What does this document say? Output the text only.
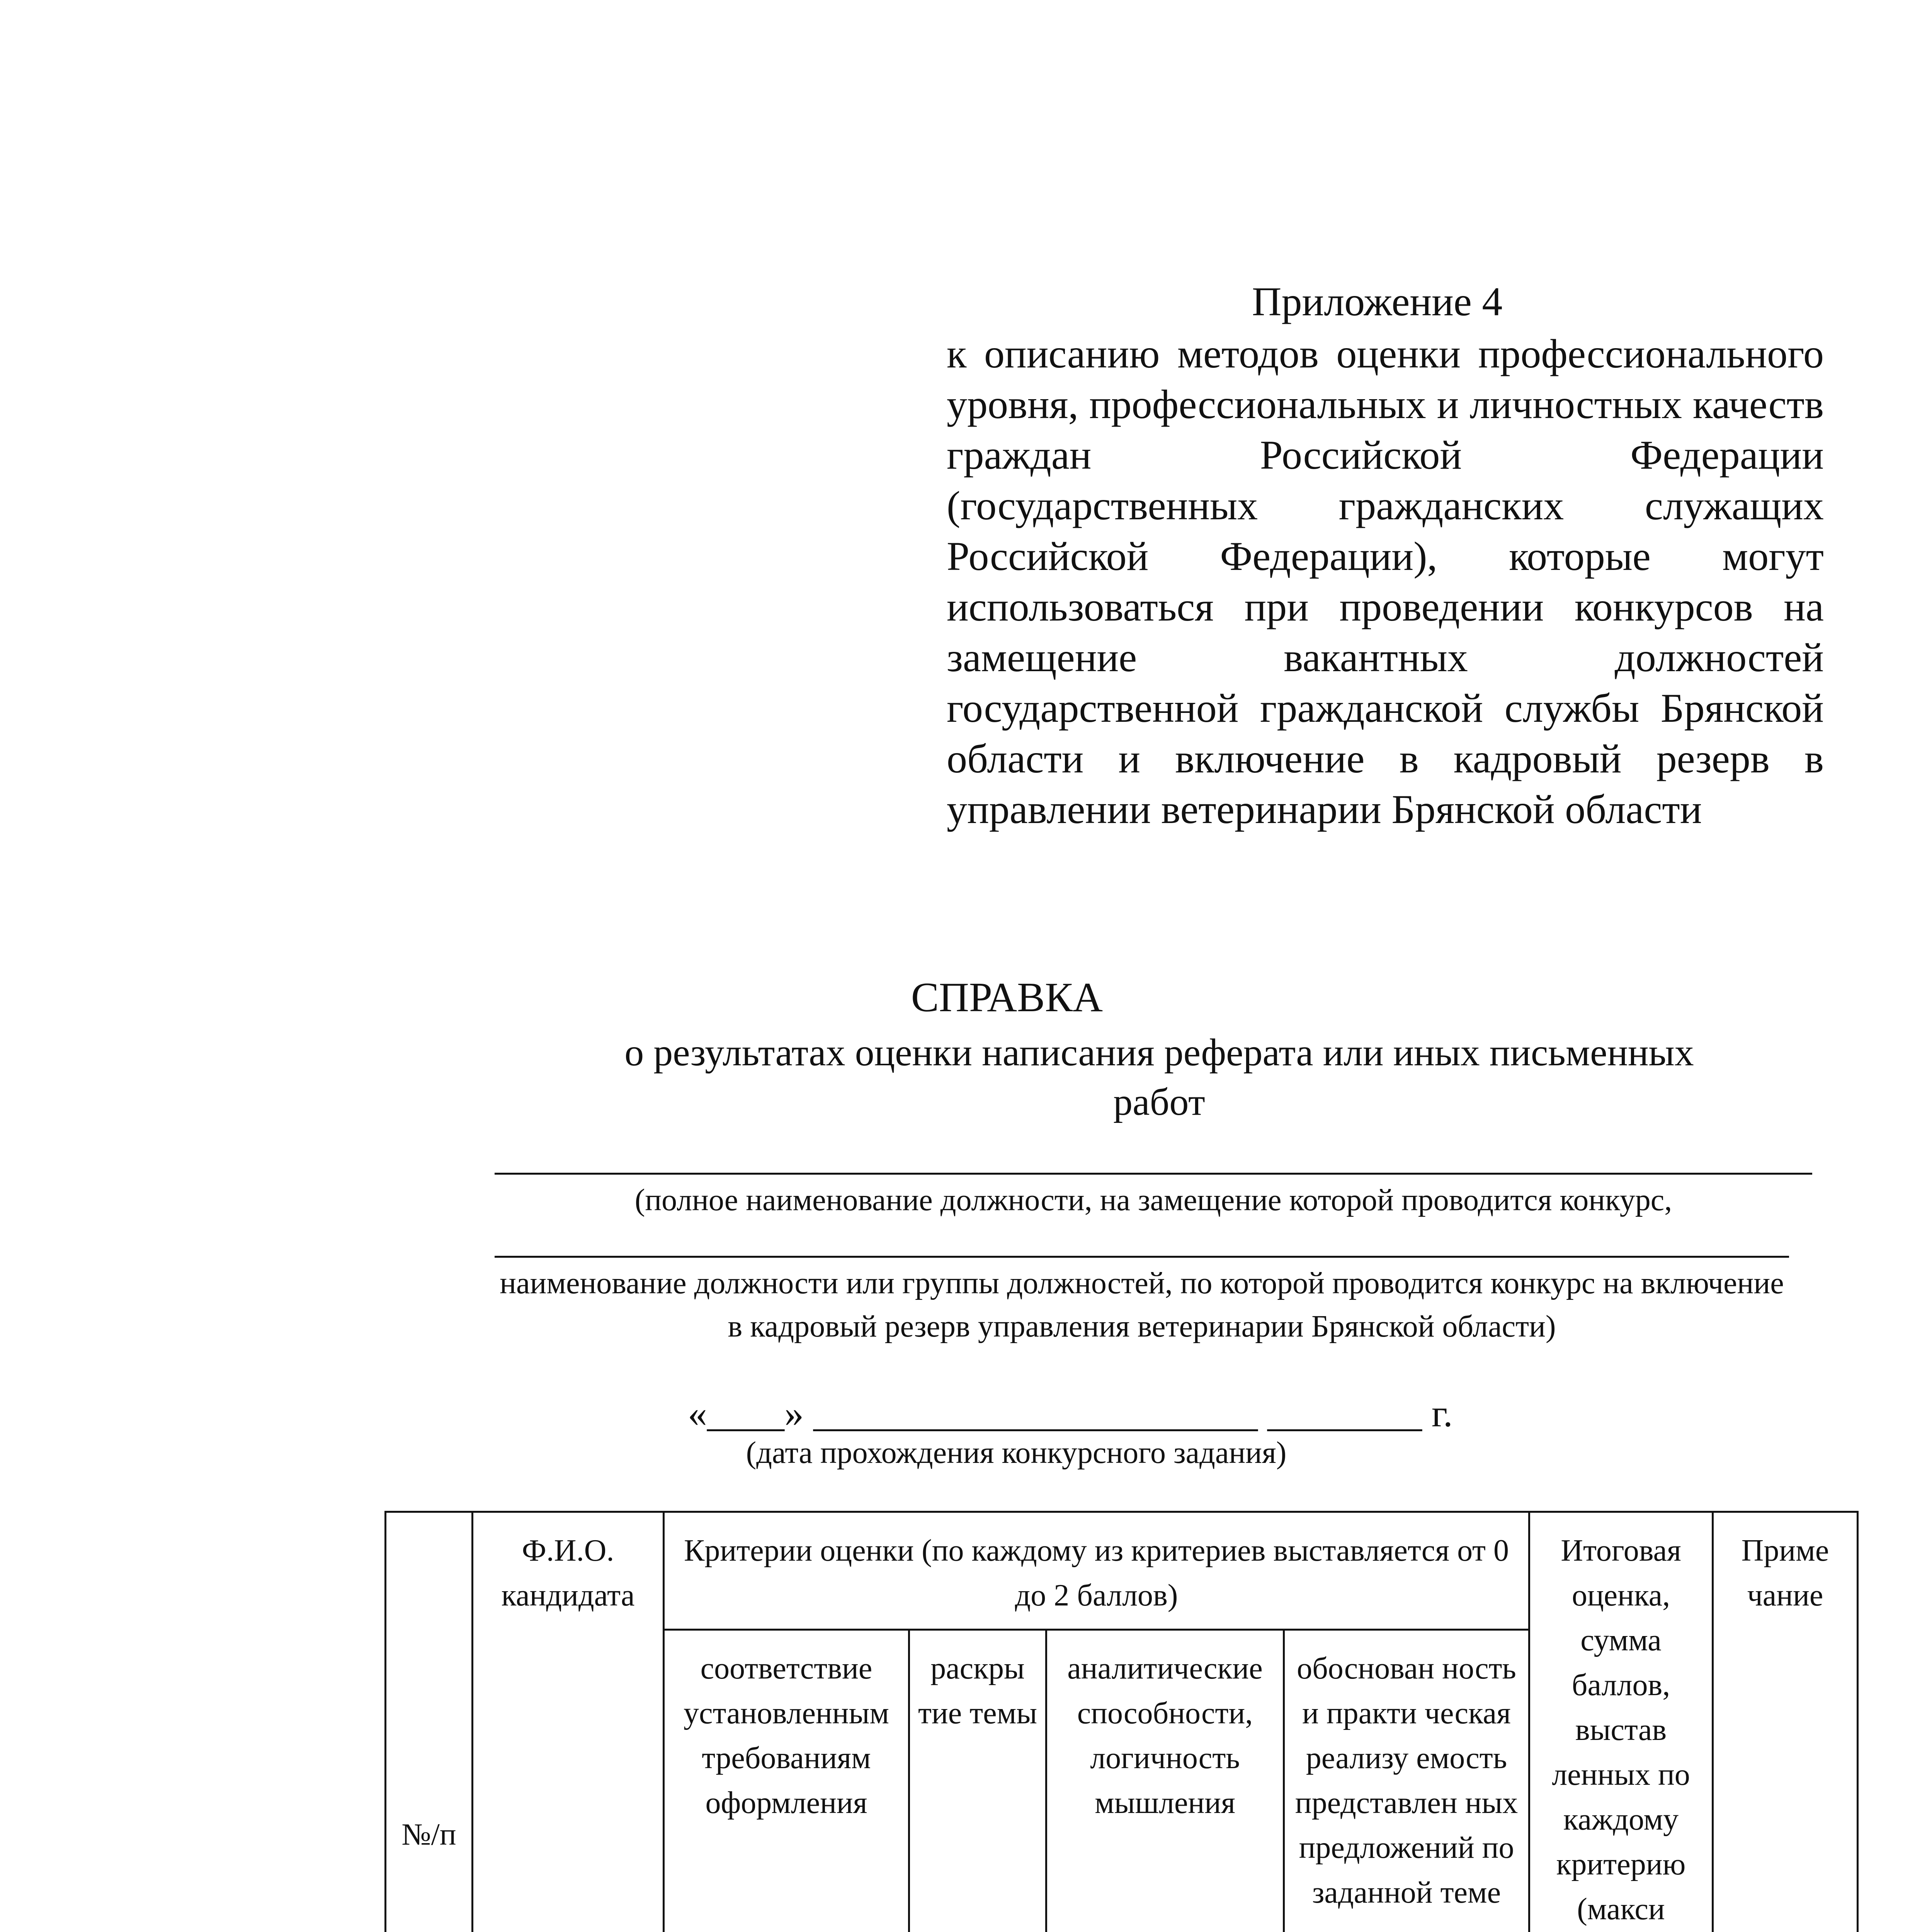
Приложение 4
к описанию методов оценки профессионального уровня, профессиональных и личностных качеств граждан Российской Федерации (государственных гражданских служащих Российской Федерации), которые могут использоваться при проведении конкурсов на замещение вакантных должностей государственной гражданской службы Брянской области и включение в кадровый резерв в управлении ветеринарии Брянской области
СПРАВКА
о результатах оценки написания реферата или иных письменных работ
(полное наименование должности, на замещение которой проводится конкурс,
наименование должности или группы должностей, по которой проводится конкурс на включение в кадровый резерв управления ветеринарии Брянской области)
«____» _______________________ ________ г.
(дата прохождения конкурсного задания)
№/п	Ф.И.О. кандидата	Критерии оценки (по каждому из критериев выставляется от 0 до 2 баллов)				Итоговая оценка, сумма баллов, выстав ленных по каждому критерию (макси	Приме чание
		соответствие установленным требованиям оформления	раскры тие темы	аналитические способности, логичность мышления	обоснован ность и практи ческая реализу емость представлен ных предложений по заданной теме		
